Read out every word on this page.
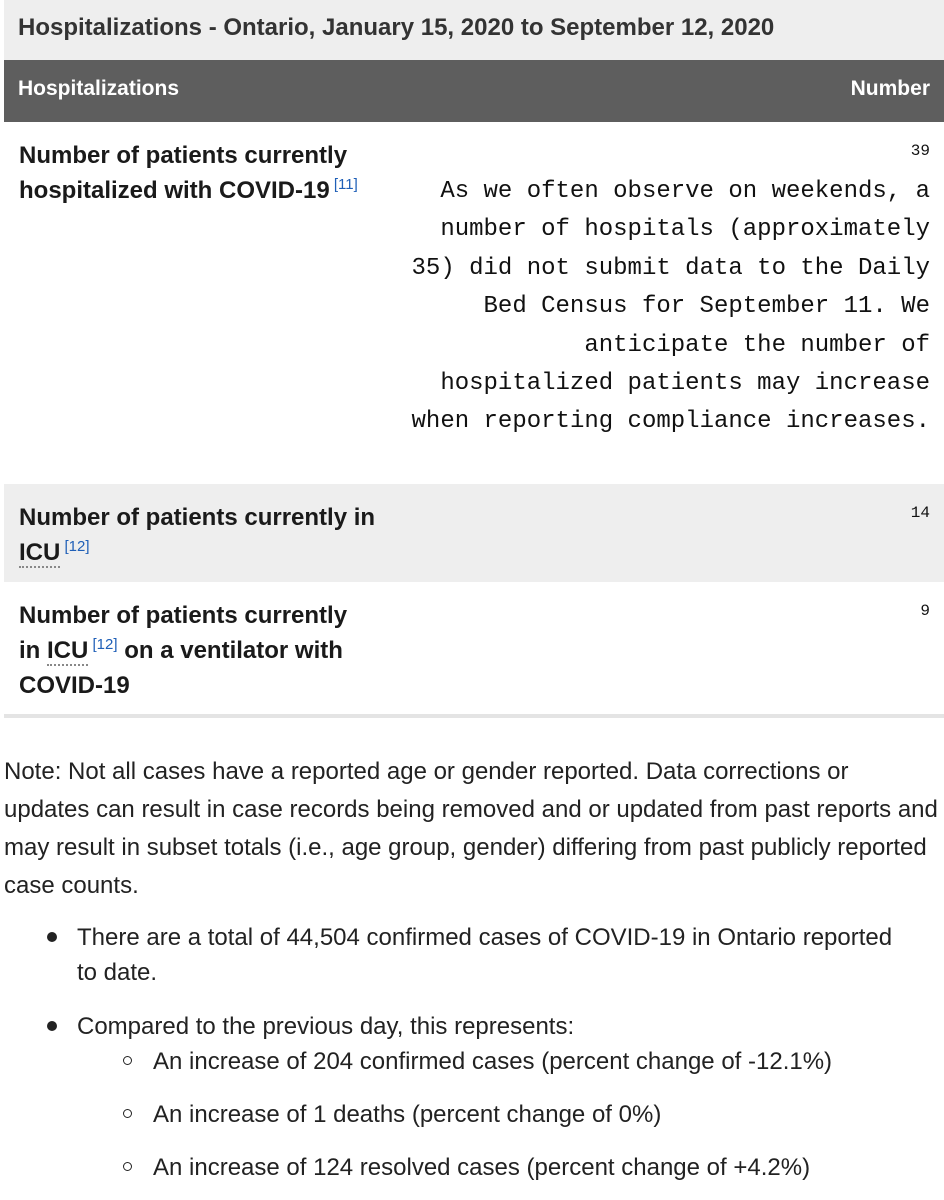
Hospitalizations - Ontario, January 15, 2020 to September 12, 2020
Hospitalizations	Number
Number of patients currently hospitalized with COVID-19 [11]
39
As we often observe on weekends, a
number of hospitals (approximately
35) did not submit data to the Daily
Bed Census for September 11. We
anticipate the number of
hospitalized patients may increase
when reporting compliance increases.
Number of patients currently in ICU [12]
14
Number of patients currently
in ICU [12] on a ventilator with
COVID-19
9

Note: Not all cases have a reported age or gender reported. Data corrections or updates can result in case records being removed and or updated from past reports and may result in subset totals (i.e., age group, gender) differing from past publicly reported case counts.

There are a total of 44,504 confirmed cases of COVID-19 in Ontario reported
to date.
Compared to the previous day, this represents:
An increase of 204 confirmed cases (percent change of -12.1%)
An increase of 1 deaths (percent change of 0%)
An increase of 124 resolved cases (percent change of +4.2%)
